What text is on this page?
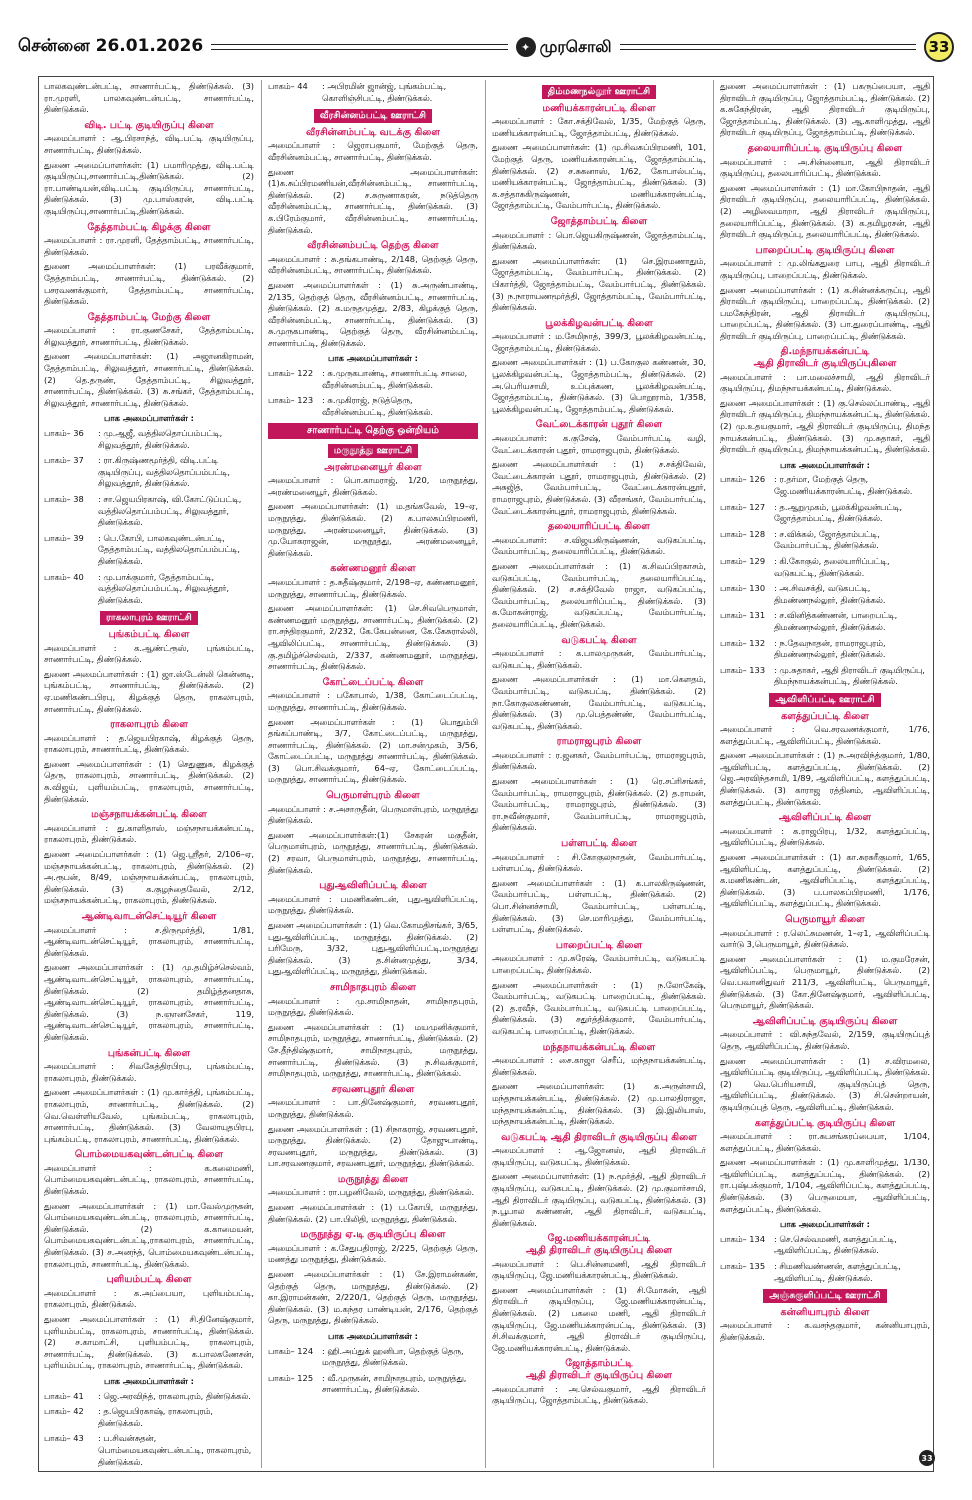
சென்னை 26.01.2026	✦ முரசொலி	33

பாலகவுண்டன்பட்டி, சாணார்பட்டி, திண்டுக்கல். (3) ரா.முரளி, பாலகவுண்டன்பட்டி, சாணார்பட்டி, திண்டுக்கல்.

விடி. பட்டி குடியிருப்பு கிளை

அமைப்பாளர் : ஆ.பிரசாந்த், விடி.பட்டி குடியிருப்பு, சாணார்பட்டி, திண்டுக்கல்.

துணை அமைப்பாளர்கள்: (1) பமாரிமுத்து, விடி.பட்டி குடியிருப்பு,சாணார்பட்டி,திண்டுக்கல். (2) ரா.பாண்டியன்,விடி.பட்டி குடியிருப்பு, சாணார்பட்டி, திண்டுக்கல். (3) மு.பாஸ்கரன், விடி.பட்டி குடியிருப்பு,சாணார்பட்டி,திண்டுக்கல்.

தேத்தாம்பட்டி கிழக்கு கிளை

அமைப்பாளர் : ரா.முரளி, தேத்தாம்பட்டி, சாணார்பட்டி, திண்டுக்கல்.

துணை அமைப்பாளர்கள்: (1) பரவீக்குமார், தேத்தாம்பட்டி, சாணார்பட்டி, திண்டுக்கல். (2) பசரவணக்குமார், தேத்தாம்பட்டி, சாணார்பட்டி, திண்டுக்கல்.

தேத்தாம்பட்டி மேற்கு கிளை

அமைப்பாளர் : ரா.குணசேகர், தேத்தாம்பட்டி, சிலுவத்தூர், சாணார்பட்டி, திண்டுக்கல்.

துணை அமைப்பாளர்கள்: (1) அஜானகிராமன், தேத்தாம்பட்டி, சிலுவத்தூர், சாணார்பட்டி, திண்டுக்கல். (2) தெ.தருண், தேத்தாம்பட்டி, சிலுவத்தூர், சாணார்பட்டி, திண்டுக்கல். (3) சு.சங்கர், தேத்தாம்பட்டி, சிலுவத்தூர், சாணார்பட்டி, திண்டுக்கல்.

பாக அமைப்பாளர்கள் :
பாகம்– 36	: மு.ஆஜீ, வத்திலதொப்பம்பட்டி, சிலுவத்தூர், திண்டுக்கல்.
பாகம்– 37	: ரா.கிருஷ்ணமூர்த்தி, விடி.பட்டி குடியிருப்பு, வத்திலதொப்பம்பட்டி, சிலுவத்தூர், திண்டுக்கல்.
பாகம்– 38	: சா.ஜெயபிரகாஷ், வி.கோட்டுப்பட்டி, வத்திலதொப்பம்பட்டி, சிலுவத்தூர், திண்டுக்கல்.
பாகம்– 39	: பெ.கோபி, பாலகவுண்டன்பட்டி, தேத்தாம்பட்டி, வத்திலதொப்பம்பட்டி, திண்டுக்கல்.
பாகம்– 40	: மு.பாக்குமார், தேத்தாம்பட்டி, வத்திலதொப்பம்பட்டி, சிலுவத்தூர், திண்டுக்கல்.
ராகலாபுரம் ஊராட்சி
புங்கம்பட்டி கிளை

அமைப்பாளர் : க.ஆண்ட்ரூஸ், புங்கம்பட்டி, சாணார்பட்டி, திண்டுக்கல்.

துணை அமைப்பாளர்கள் : (1) ஜா.ஸ்டேன்லி கென்னடி, புங்கம்பட்டி, சாணார்பட்டி, திண்டுக்கல். (2) ஏ.மணிகண்டபிரபு, கிழக்குத் தெரு, ராகலாபுரம், சாணார்பட்டி, திண்டுக்கல்.

ராகலாபுரம் கிளை

அமைப்பாளர் : த.ஜெயபிரகாஷ், கிழக்குத் தெரு, ராகலாபுரம், சாணார்பட்டி, திண்டுக்கல்.

துணை அமைப்பாளர்கள் : (1) செதுணுசு, கிழக்குத் தெரு, ராகலாபுரம், சாணார்பட்டி, திண்டுக்கல். (2) சு.விஜய், புளியம்பட்டி, ராகலாபுரம், சாணார்பட்டி, திண்டுக்கல்.

மஞ்சநாயக்கன்பட்டி கிளை

அமைப்பாளர் : து.காளிதாஸ், மஞ்சநாயக்கன்பட்டி, ராகலாபுரம், திண்டுக்கல்.

துணை அமைப்பாளர்கள் : (1) ஜெ.ஸ்ரீதர், 2/106–ஏ, மஞ்சநாயக்கன்பட்டி, ராகலாபுரம், திண்டுக்கல். (2) அ.ரூபன், 8/49, மஞ்சநாயக்கன்பட்டி, ராகலாபுரம், திண்டுக்கல். (3) க.குழந்தைவேல், 2/12, மஞ்சநாயக்கன்பட்டி, ராகலாபுரம், திண்டுக்கல்.

ஆண்டிவாடன்செட்டியூர் கிளை

அமைப்பாளர் : ச.திருமூர்த்தி, 1/81, ஆண்டிவாடன்செட்டியூர், ராகலாபுரம், சாணார்பட்டி, திண்டுக்கல்.

துணை அமைப்பாளர்கள் : (1) மு.தமிழ்ச்செல்வம், ஆண்டிவாடன்செட்டியூர், ராகலாபுரம், சாணார்பட்டி, திண்டுக்கல். (2) தமிழ்த்தனதாசு, ஆண்டிவாடன்செட்டியூர், ராகலாபுரம், சாணார்பட்டி, திண்டுக்கல். (3) ந.ஞானசேகர், 119, ஆண்டிவாடன்செட்டியூர், ராகலாபுரம், சாணார்பட்டி, திண்டுக்கல்.

புங்கன்பட்டி கிளை

அமைப்பாளர் : சிவகேத்திரபிரபு, புங்கம்பட்டி, ராகலாபுரம், திண்டுக்கல்.

துணை அமைப்பாளர்கள் : (1) மு.கார்த்தி, புங்கம்பட்டி, ராகலாபுரம், சாணார்பட்டி, திண்டுக்கல். (2) வெ.வெள்ளியவேல், புங்கம்பட்டி, ராகலாபுரம், சாணார்பட்டி, திண்டுக்கல். (3) வேலாயுதபிரபு, புங்கம்பட்டி, ராகலாபுரம், சாணார்பட்டி, திண்டுக்கல்.

பொம்மையகவுண்டன்பட்டி கிளை

அமைப்பாளர் : க.கலைமணி, பொம்மையகவுண்டன்பட்டி, ராகலாபுரம், சாணார்பட்டி, திண்டுக்கல்.

துணை அமைப்பாளர்கள் : (1) மா.வேல்முருகன், பொம்மையகவுண்டன்பட்டி, ராகலாபுரம், சாணார்பட்டி, திண்டுக்கல். (2) க.காமையன், பொம்மையகவுண்டன்பட்டி,ராகலாபுரம், சாணார்பட்டி, திண்டுக்கல். (3) ச.அனந்த், பொம்மையகவுண்டன்பட்டி, ராகலாபுரம், சாணார்பட்டி, திண்டுக்கல்.

புளியம்பட்டி கிளை

அமைப்பாளர் : க.அப்பையா, புளியம்பட்டி, ராகலாபுரம், திண்டுக்கல்.

துணை அமைப்பாளர்கள் : (1) சி.தினேஷ்குமார், புளியம்பட்டி, ராகலாபுரம், சாணார்பட்டி, திண்டுக்கல். (2) ச.காமாட்சி, புளியம்பட்டி, ராகலாபுரம், சாணார்பட்டி, திண்டுக்கல். (3) க.பாலகணேசன், புளியம்பட்டி, ராகலாபுரம், சாணார்பட்டி, திண்டுக்கல்.

பாக அமைப்பாளர்கள் :
பாகம்– 41	: ஜெ.அரவிந்த், ராகலாபுரம், திண்டுக்கல்.
பாகம்– 42	: த.ஜெயபிரகாஷ், ராகலாபுரம், திண்டுக்கல்.
பாகம்– 43	: ப.சிவன்சுதன், பொம்மையகவுண்டன்பட்டி, ராகலாபுரம், திண்டுக்கல்.
பாகம்– 44	: அபிரமின் ஜான்ஜ், புங்கம்பட்டி, கொளிஞ்சிபட்டி, திண்டுக்கல்.
வீரசின்னம்பட்டி ஊராட்சி
வீரசின்னம்பட்டி வடக்கு கிளை

அமைப்பாளர் : ஜெராபகுமார், மேற்குத் தெரு, வீரசின்னம்பட்டி, சாணார்பட்டி, திண்டுக்கல்.

துணை அமைப்பாளர்கள்: (1)க.சுப்பிரமணியன்,வீரசின்னம்பட்டி, சாணார்பட்டி, திண்டுக்கல். (2) ச.சுருணாகரன், நடுத்தெரு வீரசின்னம்பட்டி, சாணார்பட்டி, திண்டுக்கல். (3) க.பிரேம்குமார், வீரசின்னம்பட்டி, சாணார்பட்டி, திண்டுக்கல்.

வீரசின்னம்பட்டி தெற்கு கிளை

அமைப்பாளர் : சு.தங்கபாண்டி, 2/148, தெற்குத் தெரு, வீரசின்னம்பட்டி, சாணார்பட்டி, திண்டுக்கல்.

துணை அமைப்பாளர்கள் : (1) சு.அருண்பாண்டி, 2/135, தெற்குத் தெரு, வீரசின்னம்பட்டி, சாணார்பட்டி, திண்டுக்கல். (2) க.மருதமுத்து, 2/83, கிழக்குத் தெரு, வீரசின்னம்பட்டி, சாணார்பட்டி, திண்டுக்கல். (3) சு.முருகபாண்டி, தெற்குத் தெரு, வீரசின்னம்பட்டி, சாணார்பட்டி, திண்டுக்கல்.

பாக அமைப்பாளர்கள் :
பாகம்– 122	: சு.முருகபாண்டி, சாணார்பட்டி சாலை, வீரசின்னம்பட்டி, திண்டுக்கல்.
பாகம்– 123	: சு.முகிராஜ், நடுத்தெரு, வீரசின்னம்பட்டி, திண்டுக்கல்.
சாணார்பட்டி தெற்கு ஒன்றியம்
மருநூத்து ஊராட்சி
அரண்மனையூர் கிளை

அமைப்பாளர் : பொ.காமராஜ், 1/20, மருநூத்து, அரண்மனையூர், திண்டுக்கல்.

துணை அமைப்பாளர்கள்: (1) ம.தங்கவேல், 19–ஏ, மருநூத்து, திண்டுக்கல். (2) க.பாலசுப்பிரமணி, மருநூத்து, அரண்மனையூர், திண்டுக்கல். (3) மு.யோகராஜன், மருநூத்து, அரண்மனையூர், திண்டுக்கல்.

கண்ணமனூர் கிளை

அமைப்பாளர் : த.சுதீஷ்குமார், 2/198–ஏ, கண்ணமனூர், மருநூத்து, சாணார்பட்டி, திண்டுக்கல்.

துணை அமைப்பாளர்கள்: (1) செ.சிவபெருமாள், கண்ணமனூர் மருநூத்து, சாணார்பட்டி, திண்டுக்கல். (2) ரா.சந்திரகுமார், 2/232, கே.கேபன்னை, கே.கேசுரால்லி, ஆவிலிப்பட்டி, சாணார்பட்டி, திண்டுக்கல். (3) கு.தமிழ்ச்செல்வம், 2/337, கண்ணமனூர், மருநூத்து, சாணார்பட்டி, திண்டுக்கல்.

கோட்டைப்பட்டி கிளை

அமைப்பாளர் : பகோபால், 1/38, கோட்டைப்பட்டி, மருநூத்து, சாணார்பட்டி, திண்டுக்கல்.

துணை அமைப்பாளர்கள் : (1) பொதும்பி தங்கப்பாண்டி, 3/7, கோட்டைப்பட்டி, மருநூத்து, சாணார்பட்டி, திண்டுக்கல். (2) மா.சன்முகம், 3/56, கோட்டைப்பட்டி, மருநூத்து சாணார்பட்டி, திண்டுக்கல். (3) பொ.சிவக்குமார், 64–ஏ, கோட்டைப்பட்டி, மருநூத்து, சாணார்பட்டி, திண்டுக்கல்.

பெருமாள்புரம் கிளை

அமைப்பாளர் : ச.அசாருதீன், பெருமாள்புரம், மருநூத்து திண்டுக்கல்.

துணை அமைப்பாளர்கள்:(1) சேகரன் மகுதீன், பெருமாள்புரம், மருநூத்து, சாணார்பட்டி, திண்டுக்கல். (2) சரவா, பெருமாள்புரம், மருநூத்து, சாணார்பட்டி, திண்டுக்கல்.

புதுஆவிளிப்பட்டி கிளை

அமைப்பாளர் : பமணிகண்டன், புதுஆவிளிப்பட்டி, மருநூத்து, திண்டுக்கல்.

துணை அமைப்பாளர்கள் : (1) வெ.கோமதிசங்கர், 3/65, புதுஆவிளிப்பட்டி, மருநூத்து, திண்டுக்கல். (2) பரிமேரு, 3/32, புதுஆவிளிப்பட்டி,மருநூத்து திண்டுக்கல். (3) த.சின்னமுத்து, 3/34, புதுஆவிளிப்பட்டி, மருநூத்து, திண்டுக்கல்.

சாமிநாதபுரம் கிளை

அமைப்பாளர் : மு.சாமிநாதன், சாமிநாதபுரம், மருநூத்து, திண்டுக்கல்.

துணை அமைப்பாளர்கள் : (1) மயமுனிக்குமார், சாமிநாதபுரம், மருநூத்து, சாணார்பட்டி, திண்டுக்கல். (2) சே.தீந்திஷ்குமார், சாமிநாதபுரம், மருநூத்து, சாணார்பட்டி, திண்டுக்கல். (3) ந.சிவக்குமார், சாமிநாதபுரம், மருநூத்து, சாணார்பட்டி, திண்டுக்கல்.

சரவணபுதூர் கிளை

அமைப்பாளர் : பா.தினேஷ்குமார், சரவணபுதூர், மருநூத்து, திண்டுக்கல்.

துணை அமைப்பாளர்கள் : (1) சிநாகராஜ், சரவணபுதூர், மருநூத்து, திண்டுக்கல். (2) தோஜுபாண்டி, சரவணபுதூர், மருநூத்து, திண்டுக்கல். (3) பா.சரவணகுமார், சரவணபுதூர், மருநூத்து, திண்டுக்கல்.

மருநூத்து கிளை

அமைப்பாளர் : ரா.பழனிவேல், மருநூத்து, திண்டுக்கல்.

துணை அமைப்பாளர்கள் : (1) ப.கோபி, மருநூத்து, திண்டுக்கல். (2) பா.பிலிதி, மருநூத்து, திண்டுக்கல்.

மருநூத்து ஏ.டி குடியிருப்பு கிளை

அமைப்பாளர் : க.சேதுபதிராஜ், 2/225, தெற்குத் தெரு, மணத்து மருநூத்து, திண்டுக்கல்.

துணை அமைப்பாளர்கள் : (1) சே.இராமன்கண், தெற்குத் தெரு, மருநூத்து, திண்டுக்கல். (2) கா.இராமன்கண், 2/220/1, தெற்குத் தெரு, மருநூத்து, திண்டுக்கல். (3) ம.கந்தர பாண்டியன், 2/176, தெற்குத் தெரு, மருநூத்து, திண்டுக்கல்.

பாக அமைப்பாளர்கள் :
பாகம்– 124	: ஹி.அப்துக் ஹனிபா, தெற்குத் தெரு, மருநூத்து, திண்டுக்கல்.
பாகம்– 125	: வீ.முருகன், சாமிநாதபுரம், மருநூத்து, சாணார்பட்டி, திண்டுக்கல்.
திம்மணநல்லூர் ஊராட்சி
மணியக்காரன்பட்டி கிளை

அமைப்பாளர் : கோ.சக்திவேல், 1/35, மேற்குத் தெரு, மணியக்காரன்பட்டி, ஜோத்தாம்பட்டி, திண்டுக்கல்.

துணை அமைப்பாளர்கள்: (1) மு.சிவகப்பிரமணி, 101, மேற்குத் தெரு, மணியக்காரன்பட்டி, ஜோத்தாம்பட்டி, திண்டுக்கல். (2) ச.சுகனாஸ், 1/62, கோபால்பட்டி, மணியக்காரன்பட்டி, ஜோத்தாம்பட்டி, திண்டுக்கல். (3) க.சத்தாசுகிருஷ்ணன், மணியக்காரன்பட்டி, ஜோத்தாம்பட்டி, வேம்பார்பட்டி, திண்டுக்கல்.

ஜோத்தாம்பட்டி கிளை

அமைப்பாளர் : பொ.ஜெயகிருஷ்ணன், ஜோத்தாம்பட்டி, திண்டுக்கல்.

துணை அமைப்பாளர்கள்: (1) செ.இரமணாதும், ஜோத்தாம்பட்டி, வேம்பார்பட்டி, திண்டுக்கல். (2) பிகார்த்தி, ஜோத்தாம்பட்டி, வேம்பார்பட்டி, திண்டுக்கல். (3) ந.நாராயணமூர்த்தி, ஜோத்தாம்பட்டி, வேம்பார்பட்டி, திண்டுக்கல்.

பூலக்கிழவன்பட்டி கிளை

அமைப்பாளர் : ம.சேமிநாத், 399/3, பூலக்கிழவன்பட்டி, ஜோத்தாம்பட்டி, திண்டுக்கல்.

துணை அமைப்பாளர்கள் : (1) ப.கோகுல கண்ணன், 30, பூலக்கிழவன்பட்டி, ஜோத்தாம்பட்டி, திண்டுக்கல். (2) அ.பெரியசாமி, உப்புக்கண, பூலக்கிழவன்பட்டி, ஜோத்தாம்பட்டி, திண்டுக்கல். (3) பொறூராம், 1/358, பூலக்கிழவன்பட்டி, ஜோத்தாம்பட்டி, திண்டுக்கல்.

வேட்டைக்காரன் புதூர் கிளை

அமைப்பாளர்: க.குசேஷ், வேம்பார்பட்டி வழி, வேட்டைக்காரன் புதூர், ராமராஜபுரம், திண்டுக்கல்.

துணை அமைப்பாளர்கள் : (1) ச.சக்திவேல், வேட்டைக்காரன் புதூர், ராமராஜபுரம், திண்டுக்கல். (2) அசுஜித், வேம்பார்பட்டி, வேட்டைக்காரன்புதூர், ராமராஜபுரம், திண்டுக்கல். (3) வீரசங்கர், வேம்பார்பட்டி, வேட்டைக்காரன்புதூர், ராமராஜபுரம், திண்டுக்கல்.

தலையாரிப்பட்டி கிளை

அமைப்பாளர்: ச.விஜயகிருஷ்ணன், வடுகப்பட்டி, வேம்பார்பட்டி, தலையாரிப்பட்டி, திண்டுக்கல்.

துணை அமைப்பாளர்கள் : (1) க.சிவப்பிரகாசம், வடுகப்பட்டி, வேம்பார்பட்டி, தலையாரிப்பட்டி, திண்டுக்கல். (2) ச.சக்திவேல் ராஜா, வடுகப்பட்டி, வேம்பார்பட்டி, தலையாரிப்பட்டி, திண்டுக்கல். (3) க.மோகன்ராஜ், வடுகப்பட்டி, வேம்பார்பட்டி, தலையாரிப்பட்டி, திண்டுக்கல்.

வடுகபட்டி கிளை

அமைப்பாளர் : க.பாலமுருகன், வேம்பார்பட்டி, வடுகபட்டி, திண்டுக்கல்.

துணை அமைப்பாளர்கள் : (1) மா.கௌதம், வேம்பார்பட்டி, வடுகபட்டி, திண்டுக்கல். (2) நா.கோகுலகண்ணன், வேம்பார்பட்டி, வடுகபட்டி, திண்டுக்கல். (3) மு.பெத்தண்ண், வேம்பார்பட்டி, வடுகபட்டி, திண்டுக்கல்.

ராமராஜபுரம் கிளை

அமைப்பாளர் : ர.ஜனகர், வேம்பார்பட்டி, ராமராஜபுரம், திண்டுக்கல்.

துணை அமைப்பாளர்கள் : (1) ரெ.சப்ரிசங்கர், வேம்பார்பட்டி, ராமராஜபுரம், திண்டுக்கல். (2) த.ராமன், வேம்பார்பட்டி, ராமராஜபுரம், திண்டுக்கல். (3) ரா.நவீன்குமார், வேம்பார்பட்டி, ராமராஜபுரம், திண்டுக்கல்.

பள்ளபட்டி கிளை

அமைப்பாளர் : சி.கோகுலநாதன், வேம்பார்பட்டி, பள்ளபட்டி, திண்டுக்கல்.

துணை அமைப்பாளர்கள் : (1) க.பாலகிருஷ்ணன், வேம்பார்பட்டி, பள்ளபட்டி, திண்டுக்கல். (2) பொ.சின்னச்சாமி, வேம்பார்பட்டி, பள்ளபட்டி, திண்டுக்கல். (3) செ.மாரிமுத்து, வேம்பார்பட்டி, பள்ளபட்டி, திண்டுக்கல்.

பாறைப்பட்டி கிளை

அமைப்பாளர் : மு.சுரேஷ், வேம்பார்பட்டி, வடுகபட்டி பாறைப்பட்டி, திண்டுக்கல்.

துணை அமைப்பாளர்கள் : (1) ந.லோகேஷ், வேம்பார்பட்டி, வடுகபட்டி பாறைப்பட்டி, திண்டுக்கல். (2) த.ரவீந், வேம்பார்பட்டி, வடுகபட்டி பாறைப்பட்டி, திண்டுக்கல். (3) சதுர்த்திக்குமார், வேம்பார்பட்டி, வடுகபட்டி பாறைப்பட்டி, திண்டுக்கல்.

மந்தநாயக்கன்பட்டி கிளை

அமைப்பாளர் : சை.காஜா செரீப், மந்தநாயக்கன்பட்டி, திண்டுக்கல்.

துணை அமைப்பாளர்கள்: (1) க.அருள்சாமி, மந்தநாயக்கன்பட்டி, திண்டுக்கல். (2) மு.பாலதிராஜா, மந்தநாயக்கன்பட்டி, திண்டுக்கல். (3) இ.இலியாஸ், மந்தநாயக்கன்பட்டி, திண்டுக்கல்.

வடுகபட்டி ஆதி திராவிடர் குடியிருப்பு கிளை

அமைப்பாளர் : ஆ.ஜோனஸ், ஆதி திராவிடர் குடியிருப்பு, வடுகபட்டி, திண்டுக்கல்.

துணை அமைப்பாளர்கள்: (1) ந.மூர்த்தி, ஆதி திராவிடர் குடியிருப்பு, வடுகபட்டி, திண்டுக்கல். (2) மு.குமார்சாமி, ஆதி திராவிடர் குடியிருப்பு, வடுகபட்டி, திண்டுக்கல். (3) ந.பூபால கண்ணன், ஆதி திராவிடர், வடுகபட்டி, திண்டுக்கல்.

ஜே.மணியக்காரன்பட்டி
ஆதி திராவிடர் குடியிருப்பு கிளை

அமைப்பாளர் : பெ.சின்னமணி, ஆதி திராவிடர் குடியிருப்பு, ஜே.மணியக்காரன்பட்டி, திண்டுக்கல்.

துணை அமைப்பாளர்கள் : (1) சி.மோகன், ஆதி திராவிடர் குடியிருப்பு, ஜே.மணியக்காரன்பட்டி, திண்டுக்கல். (2) பகலை மணி, ஆதி திராவிடர் குடியிருப்பு, ஜே.மணியக்காரன்பட்டி, திண்டுக்கல். (3) சி.சிவக்குமார், ஆதி திராவிடர் குடியிருப்பு, ஜே.மணியக்காரன்பட்டி, திண்டுக்கல்.

ஜோத்தாம்பட்டி
ஆதி திராவிடர் குடியிருப்பு கிளை

அமைப்பாளர் : அ.செல்வகுமார், ஆதி திராவிடர் குடியிருப்பு, ஜோத்தாம்பட்டி, திண்டுக்கல்.

துணை அமைப்பாளர்கள் : (1) பகருப்பையா, ஆதி திராவிடர் குடியிருப்பு, ஜோத்தாம்பட்டி, திண்டுக்கல். (2) க.சுகேந்திரன், ஆதி திராவிடர் குடியிருப்பு, ஜோத்தாம்பட்டி, திண்டுக்கல். (3) ஆ.காளிமுத்து, ஆதி திராவிடர் குடியிருப்பு, ஜோத்தாம்பட்டி, திண்டுக்கல்.

தலையாரிப்பட்டி குடியிருப்பு கிளை

அமைப்பாளர் : அ.சின்னையா, ஆதி திராவிடர் குடியிருப்பு, தலையாரிப்பட்டி, திண்டுக்கல்.

துணை அமைப்பாளர்கள் : (1) மா.கோபிநாதன், ஆதி திராவிடர் குடியிருப்பு, தலையாரிப்பட்டி, திண்டுக்கல். (2) அழிவைமாறா, ஆதி திராவிடர் குடியிருப்பு, தலையாரிப்பட்டி, திண்டுக்கல். (3) க.தமிழரசன், ஆதி திராவிடர் குடியிருப்பு, தலையாரிப்பட்டி, திண்டுக்கல்.

பாறைப்பட்டி குடியிருப்பு கிளை

அமைப்பாளர் : மு.லிங்கதுரை பாபு, ஆதி திராவிடர் குடியிருப்பு, பாறைப்பட்டி, திண்டுக்கல்.

துணை அமைப்பாளர்கள் : (1) க.சின்னக்கருப்பு, ஆதி திராவிடர் குடியிருப்பு, பாறைப்பட்டி, திண்டுக்கல். (2) பமகேந்திரன், ஆதி திராவிடர் குடியிருப்பு, பாறைப்பட்டி, திண்டுக்கல். (3) பா.துரைப்பாண்டி, ஆதி திராவிடர் குடியிருப்பு, பாறைப்பட்டி, திண்டுக்கல்.

தி.மந்நாயக்கன்பட்டி
ஆதி திராவிடர் குடியிருப்புகிளை

அமைப்பாளர் : பா.மலைச்சாமி, ஆதி திராவிடர் குடியிருப்பு, திமந்நாயக்கன்பட்டி, திண்டுக்கல்.

துணை அமைப்பாளர்கள் : (1) கு.செல்லப்பாண்டி, ஆதி திராவிடர் குடியிருப்பு, திமந்நாயக்கன்பட்டி, திண்டுக்கல். (2) மு.உதயகுமார், ஆதி திராவிடர் குடியிருப்பு, திமந்த நாயக்கன்பட்டி, திண்டுக்கல். (3) மு.சுதாகர், ஆதி திராவிடர் குடியிருப்பு, திமந்நாயக்கன்பட்டி, திண்டுக்கல்.

பாக அமைப்பாளர்கள் :
பாகம்– 126	: ர.தர்மா, மேற்குத் தெரு, ஜே.மணியக்காரன்பட்டி, திண்டுக்கல்.
பாகம்– 127	: த.ஆறுமுகம், பூலக்கிழவன்பட்டி, ஜோத்தாம்பட்டி, திண்டுக்கல்.
பாகம்– 128	: ச.விக்கல், ஜோத்தாம்பட்டி, வேம்பார்பட்டி, திண்டுக்கல்.
பாகம்– 129	: கி.கோகுல், தலையாரிப்பட்டி, வடுகபட்டி, திண்டுக்கல்.
பாகம்– 130	: அ.சிவசக்தி, வடுகபட்டி, திமண்ணநல்லூர், திண்டுக்கல்.
பாகம்– 131	: ச.வினித்கண்ணன், பாறைபட்டி, திமண்ணநல்லூர், திண்டுக்கல்.
பாகம்– 132	: ந.தேவநாதன், ராமராஜபுரம், திமண்ணநல்லூர், திண்டுக்கல்.
பாகம்– 133	: மு.சுதாகர், ஆதி திராவிடர் குடியிருப்பு, திமந்நாயக்கன்பட்டி, திண்டுக்கல்.
ஆவிளிப்பட்டி ஊராட்சி
களத்துப்பட்டி கிளை

அமைப்பாளர் : வெ.சரவணக்குமார், 1/76, களத்துப்பட்டி, ஆவிளிப்பட்டி, திண்டுக்கல்.

துணை அமைப்பாளர்கள் : (1) ந.அரவிந்த்குமார், 1/80, ஆவிளிபட்டி, களத்துப்பட்டி, திண்டுக்கல். (2) ஜெ.அரவிந்தசாமி, 1/89, ஆவிளிப்பட்டி, களத்துப்பட்டி, திண்டுக்கல். (3) காராஜ ரத்தினம், ஆவிளிப்பட்டி, களத்துப்பட்டி, திண்டுக்கல்.

ஆவிளிப்பட்டி கிளை

அமைப்பாளர் : க.ராஜபிரபு, 1/32, களத்துப்பட்டி, ஆவிளிப்பட்டி, திண்டுக்கல்.

துணை அமைப்பாளர்கள் : (1) கா.சுரசுரீகுமார், 1/65, ஆவிளிபட்டி, களத்துப்பட்டி, திண்டுக்கல். (2) க.மணிகண்டன், ஆவிளிப்பட்டி, களத்துப்பட்டி, திண்டுக்கல். (3) ப.பாலகப்பிரமணி, 1/176, ஆவிளிப்பட்டி, களத்துப்பட்டி, திண்டுக்கல்.

பெருமாயூர் கிளை

அமைப்பாளர் : ர.லெட்சுமணன், 1–ஏ1, ஆவிளிப்பட்டி வார்டு 3,பெருமாயூர், திண்டுக்கல்.

துணை அமைப்பாளர்கள் : (1) ம.குமரேசன், ஆவிளிப்பட்டி, பெருமாயூர், திண்டுக்கல். (2) வெ.பவானிதுவர் 211/3, ஆவிளிபட்டி, பெருமாயூர், திண்டுக்கல். (3) கோ.தினேஷ்குமார், ஆவிளிப்பட்டி, பெருமாயூர், திண்டுக்கல்.

ஆவிளிப்பட்டி குடியிருப்பு கிளை

அமைப்பாளர் : வி.சுந்தவேல், 2/159, குடியிருப்புத் தெரு, ஆவிளிப்பட்டி, திண்டுக்கல்.

துணை அமைப்பாளர்கள் : (1) ச.விரமலை, ஆவிளிப்பட்டி குடியிருப்பு, ஆவிளிப்பட்டி, திண்டுக்கல். (2) வெ.பெரியசாமி, குடியிருப்புத் தெரு, ஆவிளிப்பட்டி, திண்டுக்கல். (3) சி.சென்றாயன், குடியிருப்புத் தெரு, ஆவிளிபட்டி, திண்டுக்கல்.

களத்துப்பட்டி குடியிருப்பு கிளை

அமைப்பாளர் : ரா.சுபசங்கரப்பையா, 1/104, களத்துப்பட்டி, திண்டுக்கல்.

துணை அமைப்பாளர்கள் : (1) மு.காளிமுத்து, 1/130, ஆவிளிப்பட்டி, களத்துப்பட்டி, திண்டுக்கல். (2) ரா.புஷ்பக்குமார், 1/104, ஆவிளிப்பட்டி, களத்துப்பட்டி, திண்டுக்கல். (3) பெருமையா, ஆவிளிப்பட்டி, களத்துப்பட்டி, திண்டுக்கல்.

பாக அமைப்பாளர்கள் :
பாகம்– 134	: செ.செல்வமணி, களத்துப்பட்டி, ஆவிளிப்பட்டி, திண்டுக்கல்.
பாகம்– 135	: சிமணிவண்ணன், களத்துப்பட்டி, ஆவிளிபட்டி, திண்டுக்கல்.
அஞ்சுகுளிப்பட்டி ஊராட்சி
கன்னியாபுரம் கிளை

அமைப்பாளர் : க.வசந்தகுமார், கன்னியாபுரம், திண்டுக்கல்.

33
